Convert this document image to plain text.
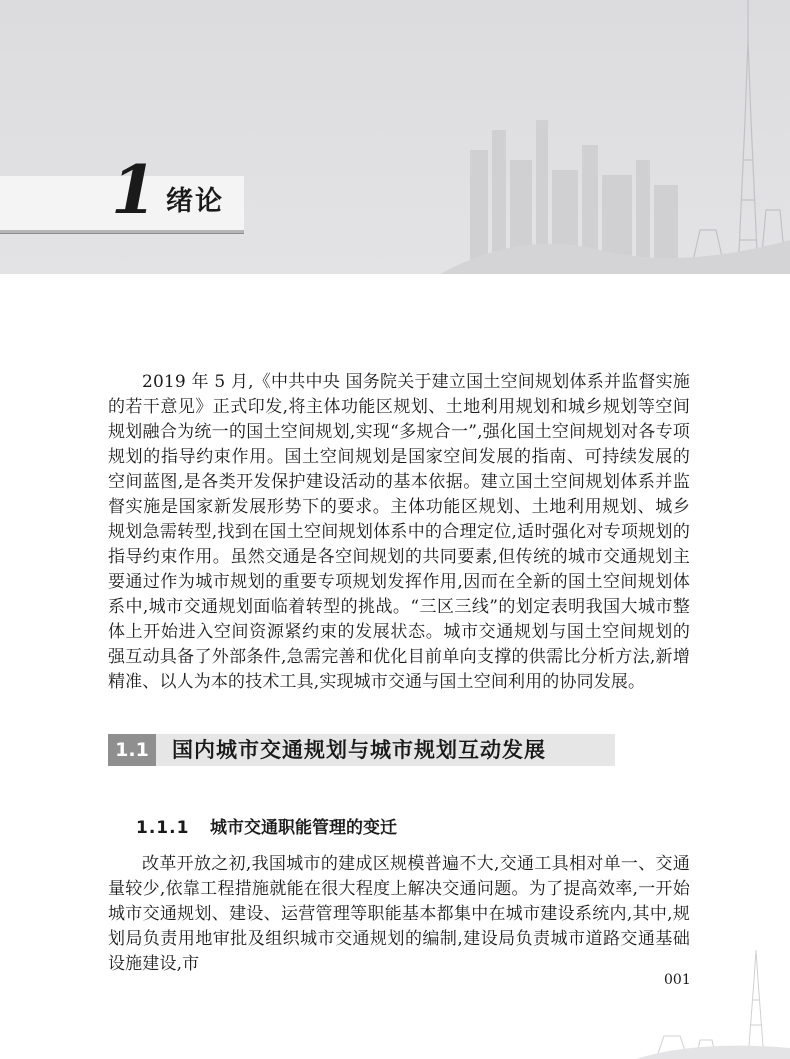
1 绪论

2019 年 5 月,《中共中央 国务院关于建立国土空间规划体系并监督实施的若干意见》正式印发,将主体功能区规划、土地利用规划和城乡规划等空间规划融合为统一的国土空间规划,实现“多规合一”,强化国土空间规划对各专项规划的指导约束作用。国土空间规划是国家空间发展的指南、可持续发展的空间蓝图,是各类开发保护建设活动的基本依据。建立国土空间规划体系并监督实施是国家新发展形势下的要求。主体功能区规划、土地利用规划、城乡规划急需转型,找到在国土空间规划体系中的合理定位,适时强化对专项规划的指导约束作用。虽然交通是各空间规划的共同要素,但传统的城市交通规划主要通过作为城市规划的重要专项规划发挥作用,因而在全新的国土空间规划体系中,城市交通规划面临着转型的挑战。“三区三线”的划定表明我国大城市整体上开始进入空间资源紧约束的发展状态。城市交通规划与国土空间规划的强互动具备了外部条件,急需完善和优化目前单向支撑的供需比分析方法,新增精准、以人为本的技术工具,实现城市交通与国土空间利用的协同发展。

1.1	国内城市交通规划与城市规划互动发展
1.1.1 城市交通职能管理的变迁

改革开放之初,我国城市的建成区规模普遍不大,交通工具相对单一、交通量较少,依靠工程措施就能在很大程度上解决交通问题。为了提高效率,一开始城市交通规划、建设、运营管理等职能基本都集中在城市建设系统内,其中,规划局负责用地审批及组织城市交通规划的编制,建设局负责城市道路交通基础设施建设,市

001
